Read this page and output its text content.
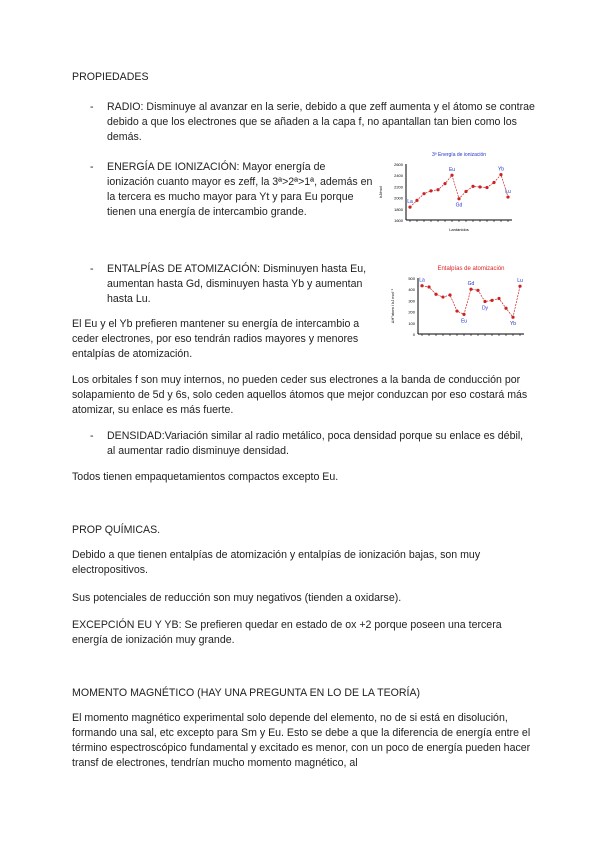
PROPIEDADES

- RADIO: Disminuye al avanzar en la serie, debido a que zeff aumenta y el átomo se contrae debido a que los electrones que se añaden a la capa f, no apantallan tan bien como los demás.

- ENERGÍA DE IONIZACIÓN: Mayor energía de ionización cuanto mayor es zeff, la 3ª>2ª>1ª, además en la tercera es mucho mayor para Yt y para Eu porque tienen una energía de intercambio grande.

3ª Energía de ionización
2600
2400
2200
2000
1800
1600
Lantánidos
kJ/mol
La
Eu
Gd
Yb
Lu
- ENTALPÍAS DE ATOMIZACIÓN: Disminuyen hasta Eu, aumentan hasta Gd, disminuyen hasta Yb y aumentan hasta Lu.

Entalpías de atomización
500
400
300
200
100
0
ΔH°atom / kJ mol⁻¹
La
Eu
Gd
Dy
Yb
Lu

El Eu y el Yb prefieren mantener su energía de intercambio a ceder electrones, por eso tendrán radios mayores y menores entalpías de atomización.

Los orbitales f son muy internos, no pueden ceder sus electrones a la banda de conducción por solapamiento de 5d y 6s, solo ceden aquellos átomos que mejor conduzcan por eso costará más atomizar, su enlace es más fuerte.

- DENSIDAD:Variación similar al radio metálico, poca densidad porque su enlace es débil, al aumentar radio disminuye densidad.

Todos tienen empaquetamientos compactos excepto Eu.

PROP QUÍMICAS.

Debido a que tienen entalpías de atomización y entalpías de ionización bajas, son muy electropositivos.

Sus potenciales de reducción son muy negativos (tienden a oxidarse).

EXCEPCIÓN EU Y YB: Se prefieren quedar en estado de ox +2 porque poseen una tercera energía de ionización muy grande.

MOMENTO MAGNÉTICO (HAY UNA PREGUNTA EN LO DE LA TEORÍA)

El momento magnético experimental solo depende del elemento, no de si está en disolución, formando una sal, etc excepto para Sm y Eu. Esto se debe a que la diferencia de energía entre el término espectroscópico fundamental y excitado es menor, con un poco de energía pueden hacer transf de electrones, tendrían mucho momento magnético, al
